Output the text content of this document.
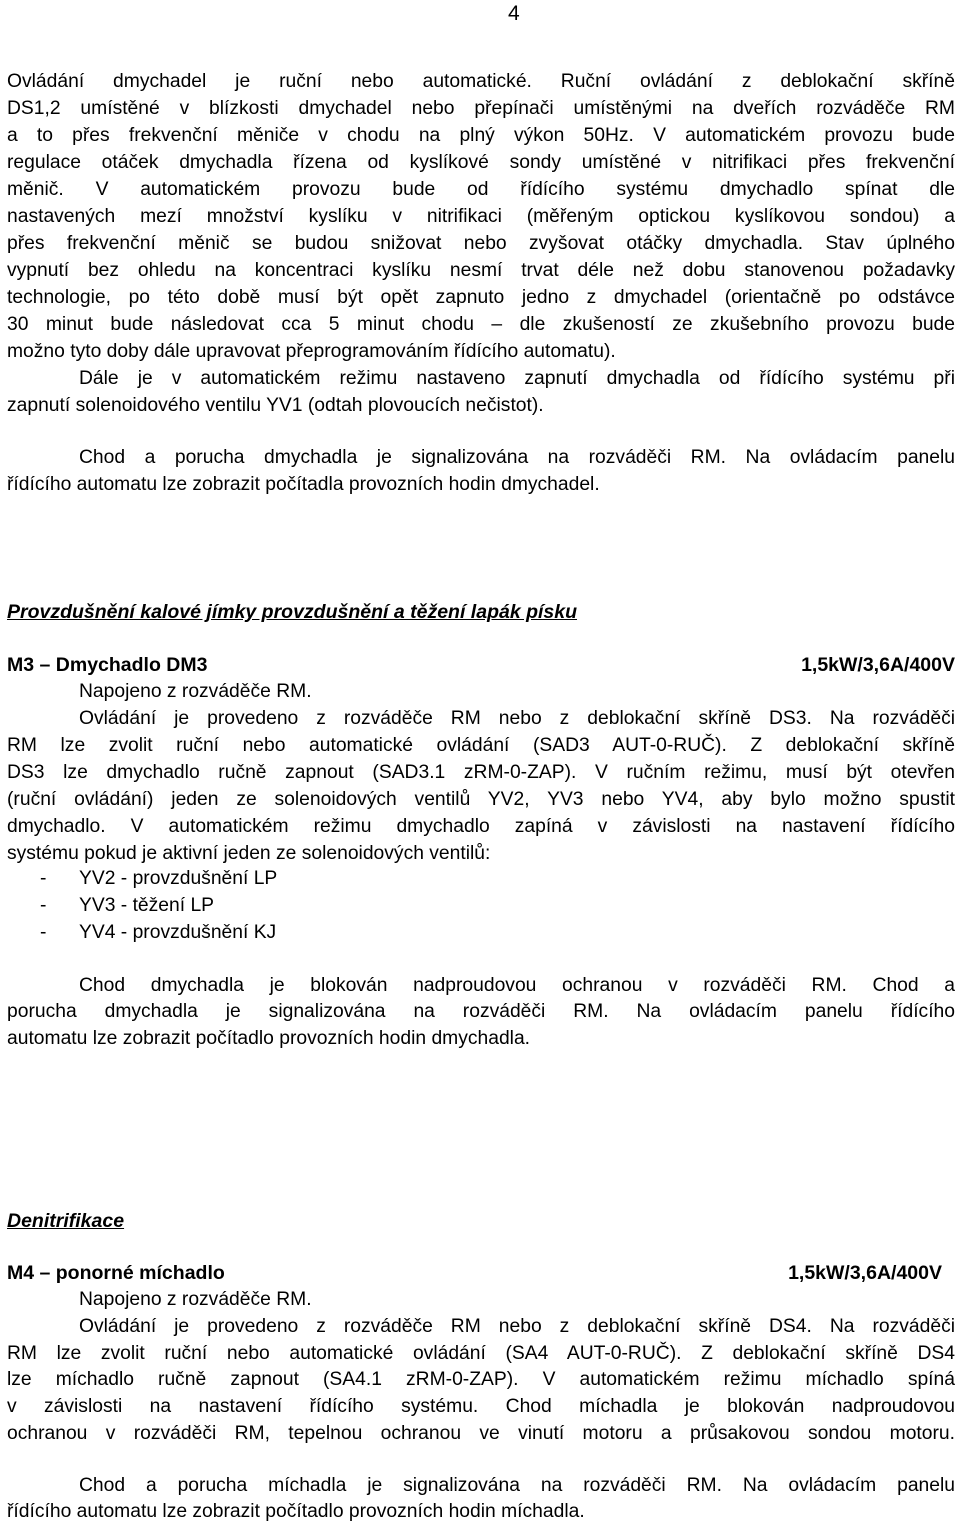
4
Ovládání dmychadel je ruční nebo automatické. Ruční ovládání z deblokační skříně
DS1,2 umístěné v blízkosti dmychadel nebo přepínači umístěnými na dveřích rozváděče RM
a to přes frekvenční měniče v chodu na plný výkon 50Hz. V automatickém provozu bude
regulace otáček dmychadla řízena od kyslíkové sondy umístěné v nitrifikaci přes frekvenční
měnič. V automatickém provozu bude od řídícího systému dmychadlo spínat dle
nastavených mezí množství kyslíku v nitrifikaci (měřeným optickou kyslíkovou sondou) a
přes frekvenční měnič se budou snižovat nebo zvyšovat otáčky dmychadla. Stav úplného
vypnutí bez ohledu na koncentraci kyslíku nesmí trvat déle než dobu stanovenou požadavky
technologie, po této době musí být opět zapnuto jedno z dmychadel (orientačně po odstávce
30 minut bude následovat cca 5 minut chodu – dle zkušeností ze zkušebního provozu bude
možno tyto doby dále upravovat přeprogramováním řídícího automatu).
Dále je v automatickém režimu nastaveno zapnutí dmychadla od řídícího systému při
zapnutí solenoidového ventilu YV1 (odtah plovoucích nečistot).
Chod a porucha dmychadla je signalizována na rozváděči RM. Na ovládacím panelu
řídícího automatu lze zobrazit počítadla provozních hodin dmychadel.
Provzdušnění kalové jímky provzdušnění a těžení lapák písku
M3 – Dmychadlo DM3	1,5kW/3,6A/400V
Napojeno z rozváděče RM.
Ovládání je provedeno z rozváděče RM nebo z deblokační skříně DS3. Na rozváděči
RM lze zvolit ruční nebo automatické ovládání (SAD3 AUT-0-RUČ). Z deblokační skříně
DS3 lze dmychadlo ručně zapnout (SAD3.1 zRM-0-ZAP). V ručním režimu, musí být otevřen
(ruční ovládání) jeden ze solenoidových ventilů YV2, YV3 nebo YV4, aby bylo možno spustit
dmychadlo. V automatickém režimu dmychadlo zapíná v závislosti na nastavení řídícího
systému pokud je aktivní jeden ze solenoidových ventilů:
- YV2 - provzdušnění LP
- YV3 - těžení LP
- YV4 - provzdušnění KJ
Chod dmychadla je blokován nadproudovou ochranou v rozváděči RM. Chod a
porucha dmychadla je signalizována na rozváděči RM. Na ovládacím panelu řídícího
automatu lze zobrazit počítadlo provozních hodin dmychadla.
Denitrifikace
M4 – ponorné míchadlo	1,5kW/3,6A/400V
Napojeno z rozváděče RM.
Ovládání je provedeno z rozváděče RM nebo z deblokační skříně DS4. Na rozváděči
RM lze zvolit ruční nebo automatické ovládání (SA4 AUT-0-RUČ). Z deblokační skříně DS4
lze míchadlo ručně zapnout (SA4.1 zRM-0-ZAP). V automatickém režimu míchadlo spíná
v závislosti na nastavení řídícího systému. Chod míchadla je blokován nadproudovou
ochranou v rozváděči RM, tepelnou ochranou ve vinutí motoru a průsakovou sondou motoru.
Chod a porucha míchadla je signalizována na rozváděči RM. Na ovládacím panelu
řídícího automatu lze zobrazit počítadlo provozních hodin míchadla.
